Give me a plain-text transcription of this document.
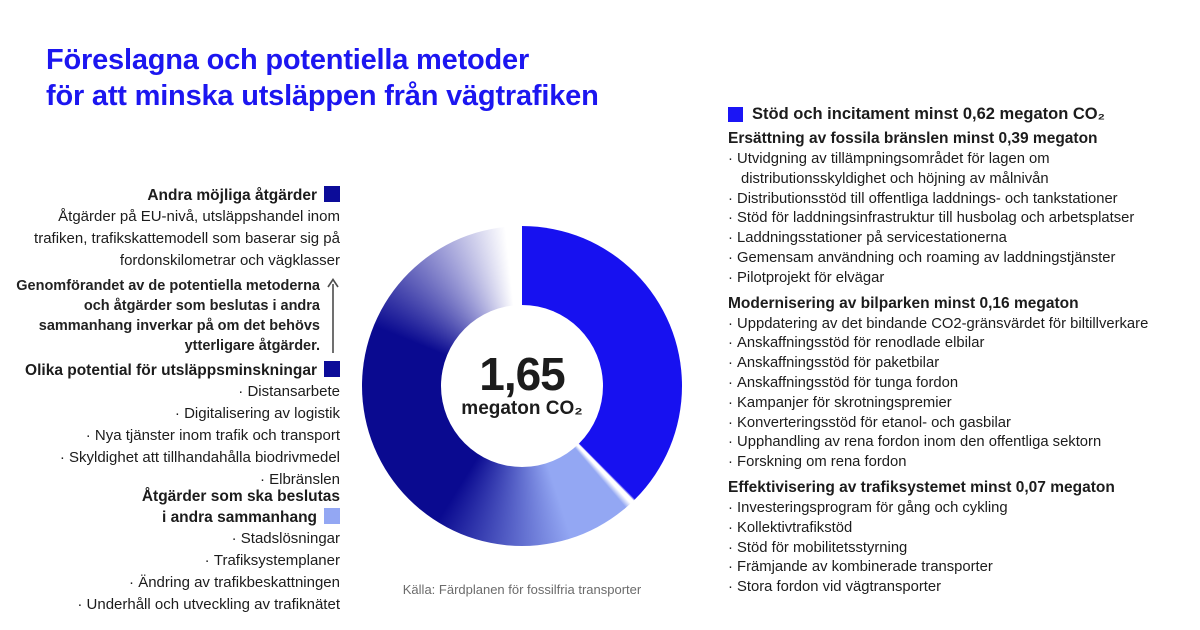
Föreslagna och potentiella metoder
för att minska utsläppen från vägtrafiken
Andra möjliga åtgärder

Åtgärder på EU-nivå, utsläppshandel inom trafiken, trafikskattemodell som baserar sig på fordonskilometrar och vägklasser

Genomförandet av de potentiella metoderna och åtgärder som beslutas i andra sammanhang inverkar på om det behövs ytterligare åtgärder.

Olika potential för utsläppsminskningar
· Distansarbete
· Digitalisering av logistik
· Nya tjänster inom trafik och transport
· Skyldighet att tillhandahålla biodrivmedel
· Elbränslen
Åtgärder som ska beslutas
i andra sammanhang
· Stadslösningar
· Trafiksystemplaner
· Ändring av trafikbeskattningen
· Underhåll och utveckling av trafiknätet
1,65
megaton CO₂
Källa: Färdplanen för fossilfria transporter
Stöd och incitament minst 0,62 megaton CO₂
Ersättning av fossila bränslen minst 0,39 megaton
· Utvidgning av tillämpningsområdet för lagen om distributionsskyldighet och höjning av målnivån
· Distributionsstöd till offentliga laddnings- och tankstationer
· Stöd för laddningsinfrastruktur till husbolag och arbetsplatser
· Laddningsstationer på servicestationerna
· Gemensam användning och roaming av laddningstjänster
· Pilotprojekt för elvägar
Modernisering av bilparken minst 0,16 megaton
· Uppdatering av det bindande CO2-gränsvärdet för biltillverkare
· Anskaffningsstöd för renodlade elbilar
· Anskaffningsstöd för paketbilar
· Anskaffningsstöd för tunga fordon
· Kampanjer för skrotningspremier
· Konverteringsstöd för etanol- och gasbilar
· Upphandling av rena fordon inom den offentliga sektorn
· Forskning om rena fordon
Effektivisering av trafiksystemet minst 0,07 megaton
· Investeringsprogram för gång och cykling
· Kollektivtrafikstöd
· Stöd för mobilitetsstyrning
· Främjande av kombinerade transporter
· Stora fordon vid vägtransporter
